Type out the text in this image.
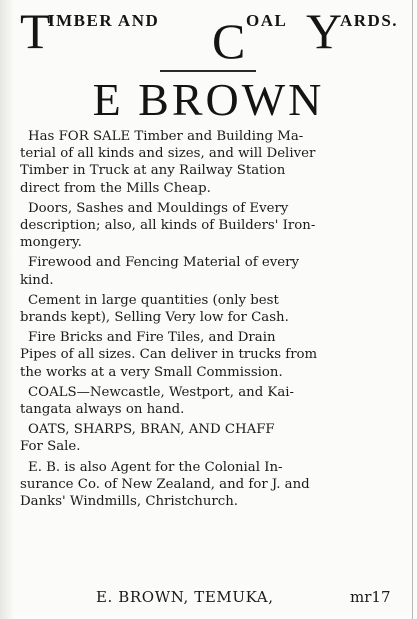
T
IMBER AND C OAL Y
ARDS.
E BROWN
Has FOR SALE Timber and Building Ma-
terial of all kinds and sizes, and will Deliver
Timber in Truck at any Railway Station
direct from the Mills Cheap.
Doors, Sashes and Mouldings of Every
description; also, all kinds of Builders' Iron-
mongery.
Firewood and Fencing Material of every
kind.
Cement in large quantities (only best
brands kept), Selling Very low for Cash.
Fire Bricks and Fire Tiles, and Drain
Pipes of all sizes. Can deliver in trucks from
the works at a very Small Commission.
COALS—Newcastle, Westport, and Kai-
tangata always on hand.
OATS, SHARPS, BRAN, AND CHAFF
For Sale.
E. B. is also Agent for the Colonial In-
surance Co. of New Zealand, and for J. and
Danks' Windmills, Christchurch.
E. BROWN, TEMUKA,	mr17
